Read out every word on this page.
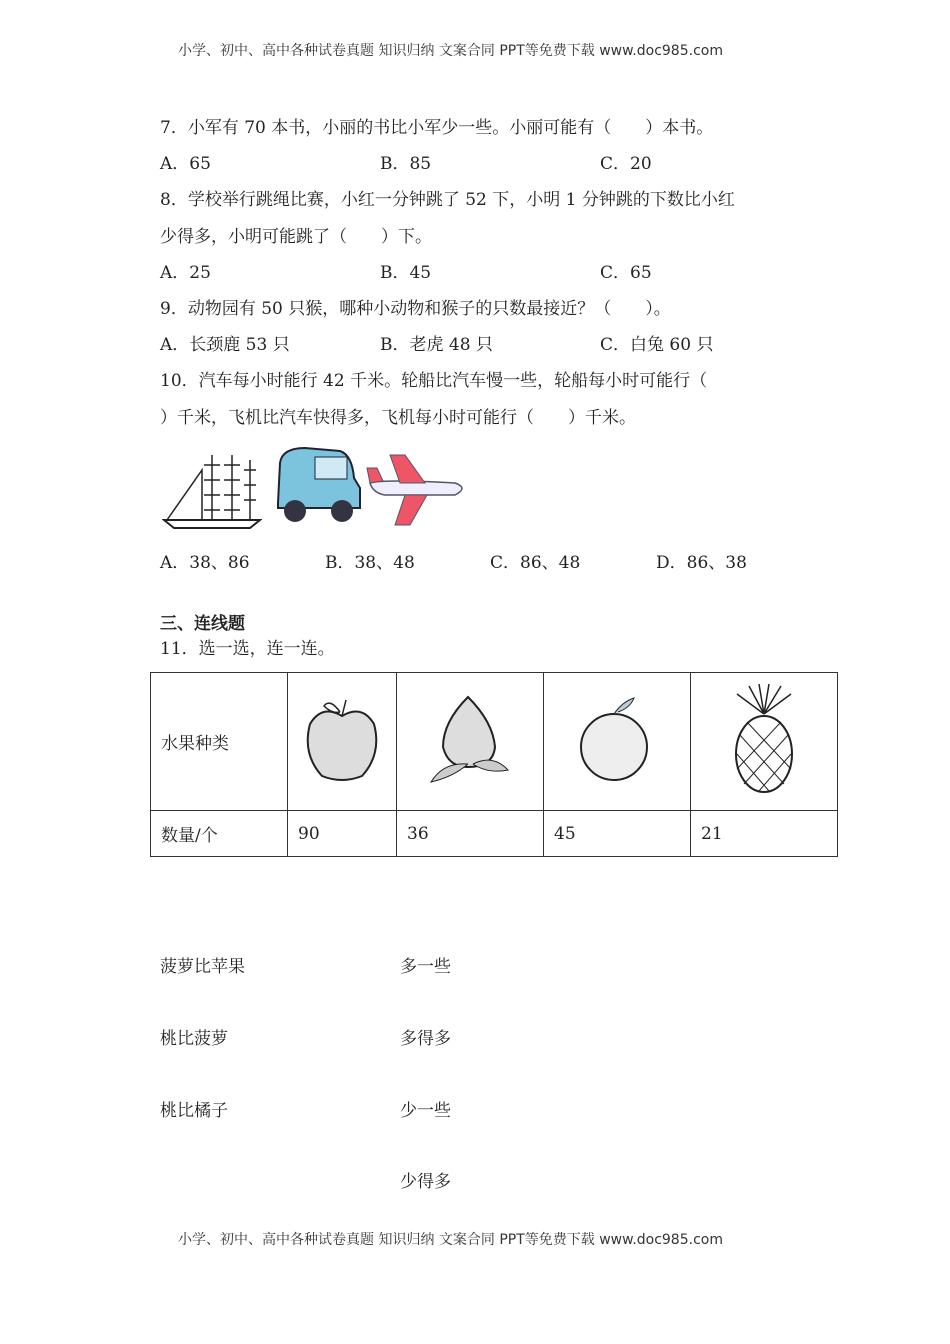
小学、初中、高中各种试卷真题 知识归纳 文案合同 PPT等免费下载 www.doc985.com
7．小军有 70 本书，小丽的书比小军少一些。小丽可能有（　　）本书。
A．65	B．85	C．20
8．学校举行跳绳比赛，小红一分钟跳了 52 下，小明 1 分钟跳的下数比小红
少得多，小明可能跳了（　　）下。
A．25	B．45	C．65
9．动物园有 50 只猴，哪种小动物和猴子的只数最接近？（　　）。
A．长颈鹿 53 只	B．老虎 48 只	C．白兔 60 只
10．汽车每小时能行 42 千米。轮船比汽车慢一些，轮船每小时可能行（
）千米，飞机比汽车快得多，飞机每小时可能行（　　）千米。
A．38、86	B．38、48	C．86、48	D．86、38
三、连线题
11．选一选，连一连。
水果种类				
数量/个	90	36	45	21
菠萝比苹果
桃比菠萝
桃比橘子
多一些
多得多
少一些
少得多
小学、初中、高中各种试卷真题 知识归纳 文案合同 PPT等免费下载 www.doc985.com
